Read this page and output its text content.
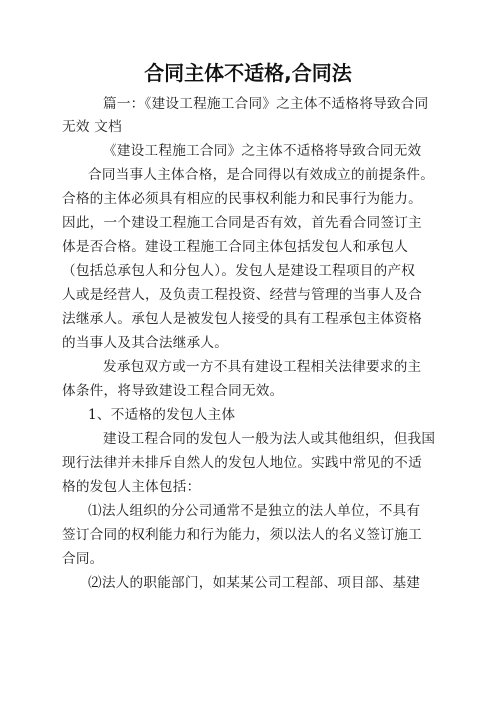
合同主体不适格,合同法
篇一：《建设工程施工合同》之主体不适格将导致合同
无效 文档
《建设工程施工合同》之主体不适格将导致合同无效
合同当事人主体合格，是合同得以有效成立的前提条件。
合格的主体必须具有相应的民事权利能力和民事行为能力。
因此，一个建设工程施工合同是否有效，首先看合同签订主
体是否合格。建设工程施工合同主体包括发包人和承包人
（包括总承包人和分包人）。发包人是建设工程项目的产权
人或是经营人，及负责工程投资、经营与管理的当事人及合
法继承人。承包人是被发包人接受的具有工程承包主体资格
的当事人及其合法继承人。
发承包双方或一方不具有建设工程相关法律要求的主
体条件，将导致建设工程合同无效。
1、不适格的发包人主体
建设工程合同的发包人一般为法人或其他组织，但我国
现行法律并未排斥自然人的发包人地位。实践中常见的不适
格的发包人主体包括：
⑴法人组织的分公司通常不是独立的法人单位，不具有
签订合同的权利能力和行为能力，须以法人的名义签订施工
合同。
⑵法人的职能部门，如某某公司工程部、项目部、基建
